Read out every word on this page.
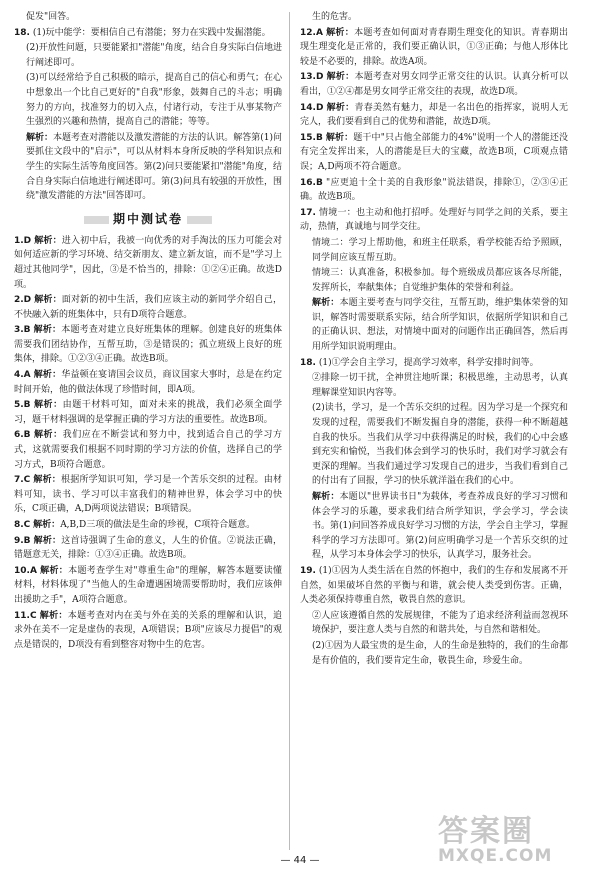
促发"回答。

18. (1)玩中能学：要相信自己有潜能；努力在实践中发掘潜能。

(2)开放性问题，只要能紧扣"潜能"角度，结合自身实际白信地进行阐述即可。

(3)可以经常给予自己积极的暗示，提高自己的信心和勇气；在心中想象出一个比自己更好的"自我"形象，鼓舞自己的斗志；明确努力的方向，找准努力的切入点，付诸行动，专注于从事某物产生强烈的兴趣和热情，提高自己的潜能；等等。

解析：本题考查对潜能以及激发潜能的方法的认识。解答第(1)问要抓住文段中的"启示"，可以从材料本身所反映的学科知识点和学生的实际生活等角度回答。第(2)问只要能紧扣"潜能"角度，结合自身实际白信地进行阐述即可。第(3)问具有较强的开放性，围绕"激发潜能的方法"回答即可。

期中测试卷

1.D 解析：进入初中后，我被一向优秀的对手淘汰的压力可能会对如何适应新的学习环境、结交新朋友、建立新友谊，而不是"学习上超过其他同学"，因此，③是不恰当的，排除：①②④正确。故选D项。

2.D 解析：面对新的初中生活，我们应该主动的新同学介绍自己，不快融入新的班集体中，只有D项符合题意。

3.B 解析：本题考查对建立良好班集体的理解。创建良好的班集体需要我们团结协作，互帮互助，③是错误的；孤立班级上良好的班集体，排除。①②③④正确。故选B项。

4.A 解析：华益顿在宴请国会议员，商议国家大事时，总是在约定时间开始，他的做法体现了珍惜时间，即A项。

5.B 解析：由题干材料可知，面对未来的挑战，我们必须全面学习，题干材料强调的是掌握正确的学习方法的重要性。故选B项。

6.B 解析：我们应在不断尝试和努力中，找到适合自己的学习方式，这就需要我们根据不同时期的学习方法的价值，选择自己的学习方式，B项符合题意。

7.C 解析：根据所学知识可知，学习是一个苦乐交织的过程。由材料可知，读书、学习可以丰富我们的精神世界，体会学习中的快乐，C项正确，A,D两项说法错误；B项错误。

8.C 解析：A,B,D三项的做法是生命的珍视，C项符合题意。

9.B 解析：这首诗强调了生命的意义，人生的价值。②说法正确，错题意无关，排除：①③④正确。故选B项。

10.A 解析：本题考查学生对"尊重生命"的理解，解答本题要读懂材料，材料体现了"当他人的生命遭遇困境需要帮助时，我们应该伸出援助之手"，A项符合题意。

11.C 解析：本题考查对内在美与外在美的关系的理解和认识，追求外在美不一定是虚伪的表现，A项错误；B项"应该尽力提倡"的观点是错误的，D项没有看到整容对物中生的危害。

生的危害。

12.A 解析：本题考查如何面对青春期生理变化的知识。青春期出现生理变化是正常的，我们要正确认识，①③正确；与他人形体比较是不必要的，排除。故选A项。

13.D 解析：本题考查对男女同学正常交往的认识。认真分析可以看出，①②④都是男女同学正常交往的表现，故选D项。

14.D 解析：青春美然有魅力，却是一名出色的指挥家，说明人无完人，我们要看到自己的优势和潜能，故选D项。

15.B 解析：题干中"只占他全部能力的4%"说明一个人的潜能还没有完全发挥出来，人的潜能是巨大的宝藏，故选B项，C项观点错误；A,D两项不符合题意。

16.B "应更追十全十美的自我形象"说法错误，排除①，②③④正确。故选B项。

17. 情境一：也主动和他打招呼。处理好与同学之间的关系，要主动，热情，真诚地与同学交往。

情境二：学习上帮助他，和班主任联系，看学校能否给予照顾，同学间应该互帮互助。

情境三：认真准备，积极参加。每个班级成员都应该各尽所能，发挥所长，奉献集体；自觉维护集体的荣誉和利益。

解析：本题主要考查与同学交往，互帮互助，维护集体荣誉的知识，解答时需要联系实际，结合所学知识，依据所学知识和自己的正确认识、想法，对情境中面对的问题作出正确回答，然后再用所学知识说明理由。

18. (1)①学会自主学习，提高学习效率，科学安排时间等。

②排除一切干扰，全神贯注地听课；积极思维，主动思考，认真理解课堂知识内容等。

(2)读书，学习，是一个苦乐交织的过程。因为学习是一个探究和发现的过程，需要我们不断发掘自身的潜能，获得一种不断超越自我的快乐。当我们从学习中获得满足的时候，我们的心中会感到充实和愉悦，当我们体会到学习的快乐时，我们对学习就会有更深的理解。当我们通过学习发现自己的进步，当我们看到自己的付出有了回报，学习的快乐就洋溢在我们的心中。

解析：本题以"世界读书日"为载体，考查养成良好的学习习惯和体会学习的乐趣，要求我们结合所学知识，学会学习，学会读书。第(1)问回答养成良好学习习惯的方法，学会自主学习，掌握科学的学习方法即可。第(2)问应明确学习是一个苦乐交织的过程，从学习本身体会学习的快乐，认真学习，服务社会。

19. (1)①因为人类生活在自然的怀抱中，我们的生存和发展离不开自然，如果破坏自然的平衡与和谐，就会使人类受到伤害。正确，人类必须保持尊重自然，敬畏自然的意识。

②人应该遵循自然的发展规律，不能为了追求经济利益而忽视环境保护，要注意人类与自然的和谐共处，与自然和谐相处。

(2)①因为人最宝贵的是生命，人的生命是独特的，我们的生命都是有价值的，我们要肯定生命，敬畏生命，珍爱生命。

— 44 —
答案圈
MXQE.COM
